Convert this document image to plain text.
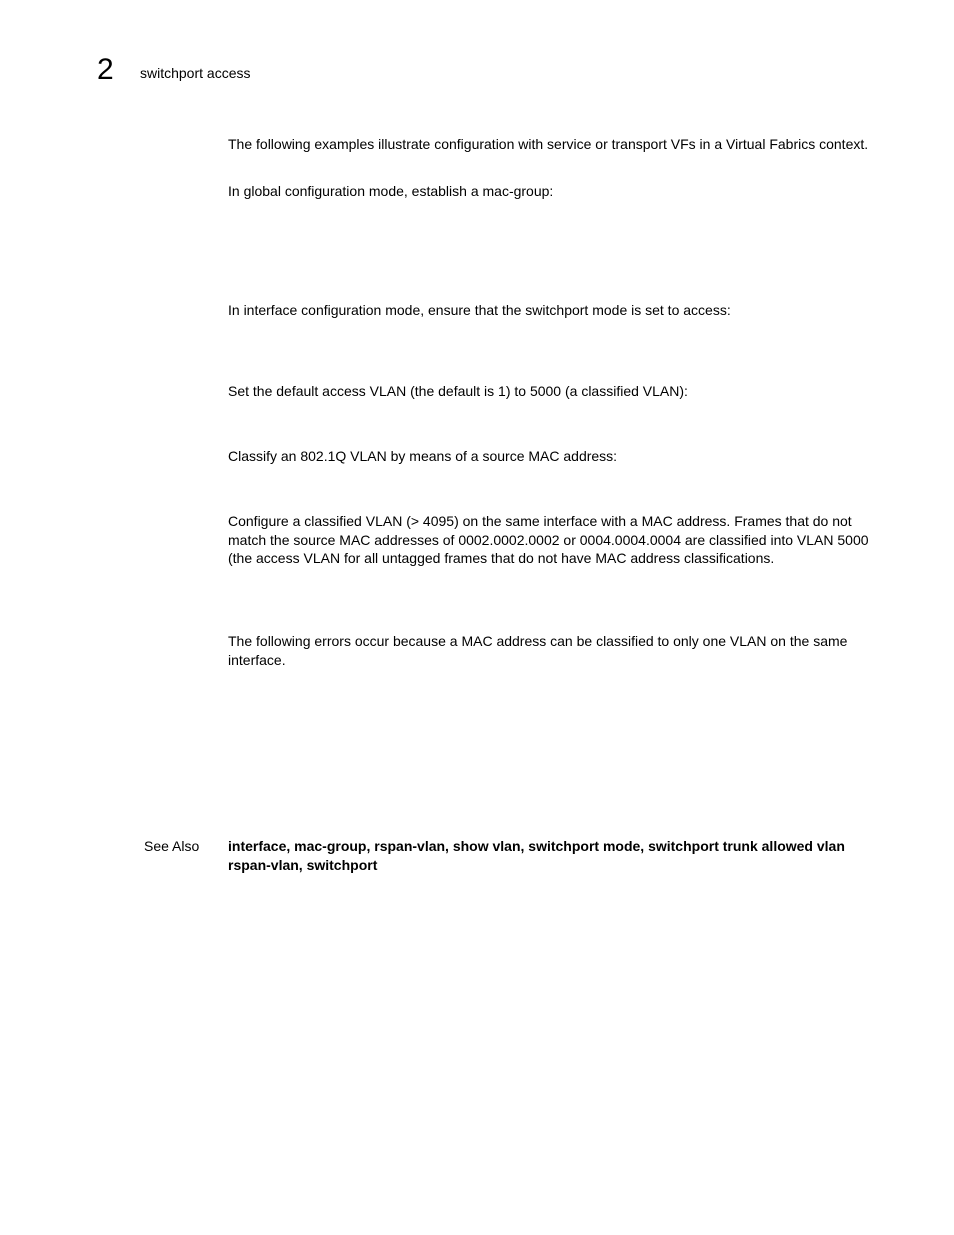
2 switchport access

The following examples illustrate configuration with service or transport VFs in a Virtual Fabrics context.

In global configuration mode, establish a mac-group:

In interface configuration mode, ensure that the switchport mode is set to access:

Set the default access VLAN (the default is 1) to 5000 (a classified VLAN):

Classify an 802.1Q VLAN by means of a source MAC address:

Configure a classified VLAN (> 4095) on the same interface with a MAC address. Frames that do not match the source MAC addresses of 0002.0002.0002 or 0004.0004.0004 are classified into VLAN 5000 (the access VLAN for all untagged frames that do not have MAC address classifications.

The following errors occur because a MAC address can be classified to only one VLAN on the same interface.

See Also interface, mac-group, rspan-vlan, show vlan, switchport mode, switchport trunk allowed vlan rspan-vlan, switchport
